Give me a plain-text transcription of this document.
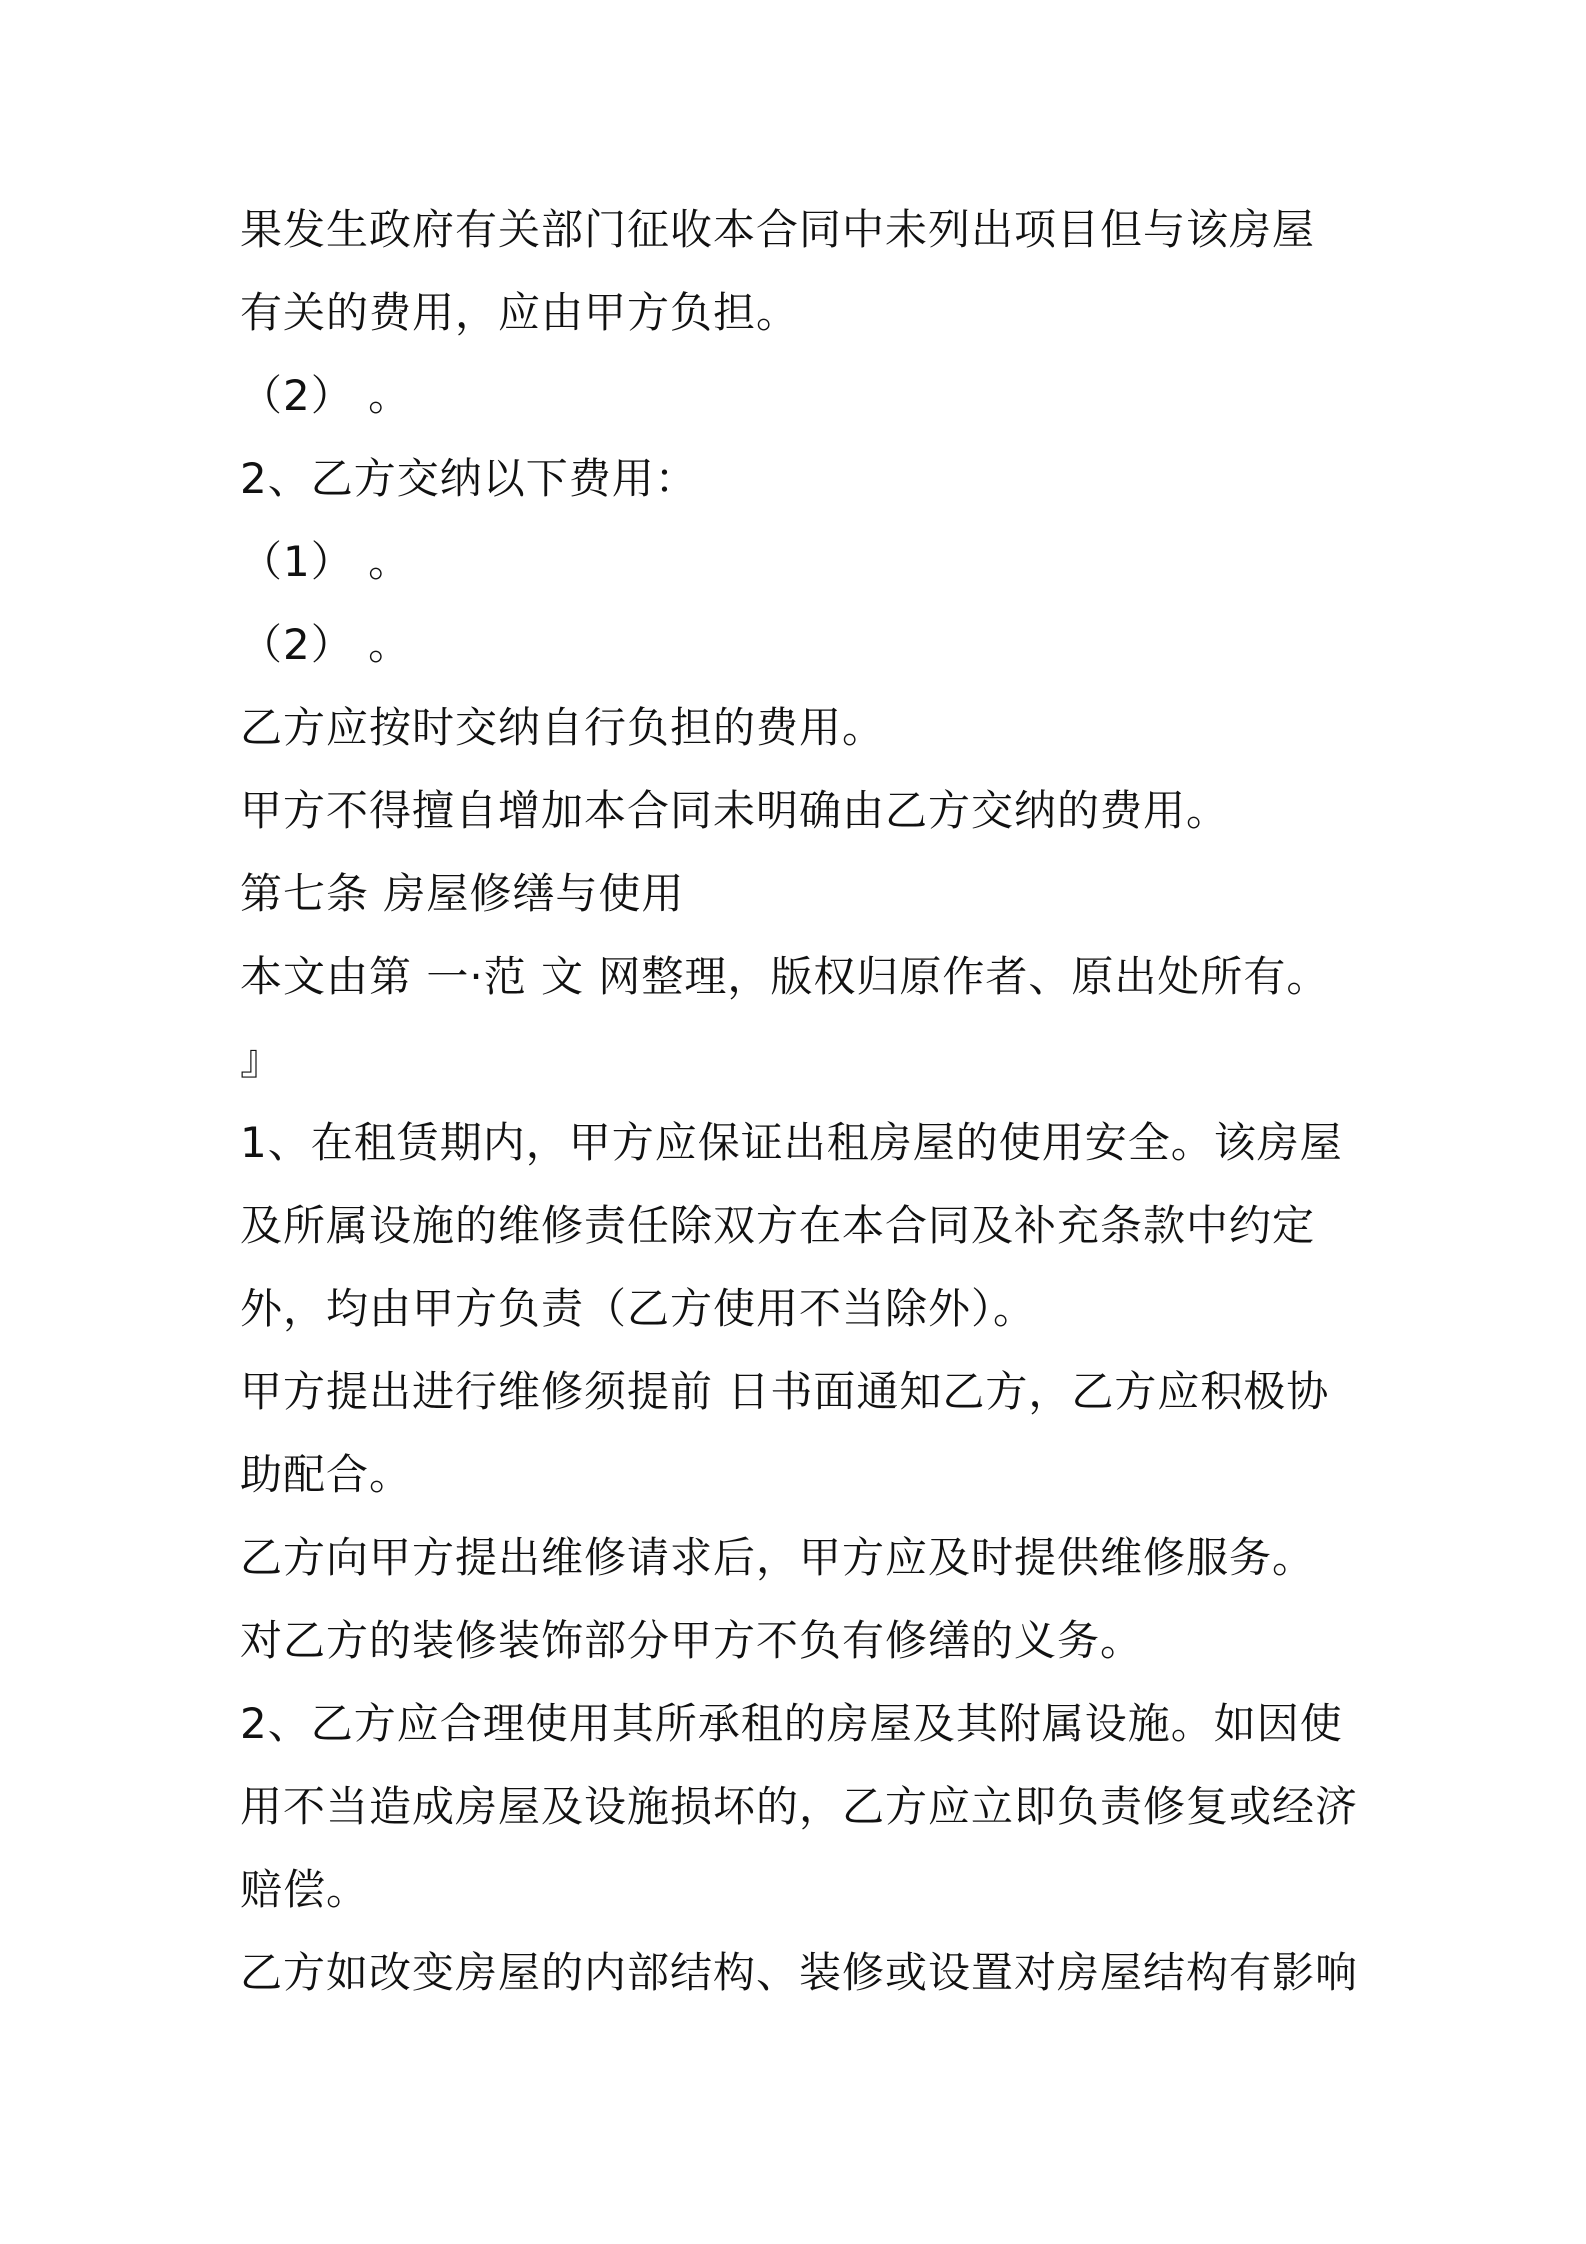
果发生政府有关部门征收本合同中未列出项目但与该房屋
有关的费用，应由甲方负担。
（2） 。
2、乙方交纳以下费用：
（1） 。
（2） 。
乙方应按时交纳自行负担的费用。
甲方不得擅自增加本合同未明确由乙方交纳的费用。
第七条 房屋修缮与使用
本文由第 一·范 文 网整理，版权归原作者、原出处所有。
』
1、在租赁期内，甲方应保证出租房屋的使用安全。该房屋
及所属设施的维修责任除双方在本合同及补充条款中约定
外，均由甲方负责（乙方使用不当除外）。
甲方提出进行维修须提前 日书面通知乙方，乙方应积极协
助配合。
乙方向甲方提出维修请求后，甲方应及时提供维修服务。
对乙方的装修装饰部分甲方不负有修缮的义务。
2、乙方应合理使用其所承租的房屋及其附属设施。如因使
用不当造成房屋及设施损坏的，乙方应立即负责修复或经济
赔偿。
乙方如改变房屋的内部结构、装修或设置对房屋结构有影响
